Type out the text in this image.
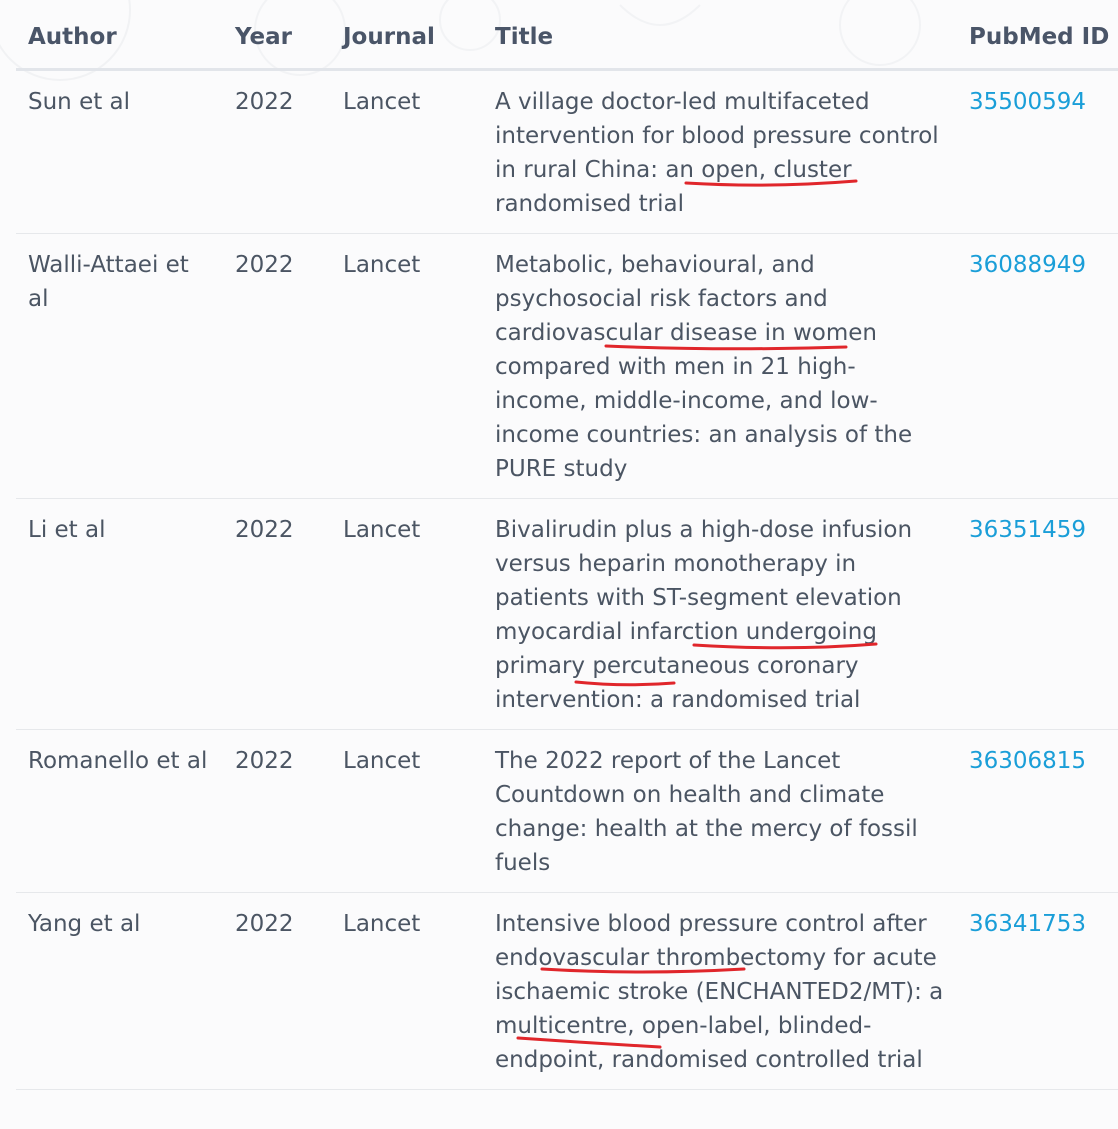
Author	Year	Journal	Title	PubMed ID
Sun et al	2022	Lancet	A village doctor-led multifaceted intervention for blood pressure control in rural China: an open, cluster randomised trial	35500594
Walli-Attaei et al	2022	Lancet	Metabolic, behavioural, and psychosocial risk factors and cardiovascular disease in women compared with men in 21 high-income, middle-income, and low-income countries: an analysis of the PURE study	36088949
Li et al	2022	Lancet	Bivalirudin plus a high-dose infusion versus heparin monotherapy in patients with ST-segment elevation myocardial infarction undergoing primary percutaneous coronary intervention: a randomised trial	36351459
Romanello et al	2022	Lancet	The 2022 report of the Lancet Countdown on health and climate change: health at the mercy of fossil fuels	36306815
Yang et al	2022	Lancet	Intensive blood pressure control after endovascular thrombectomy for acute ischaemic stroke (ENCHANTED2/MT): a multicentre, open-label, blinded-endpoint, randomised controlled trial	36341753
